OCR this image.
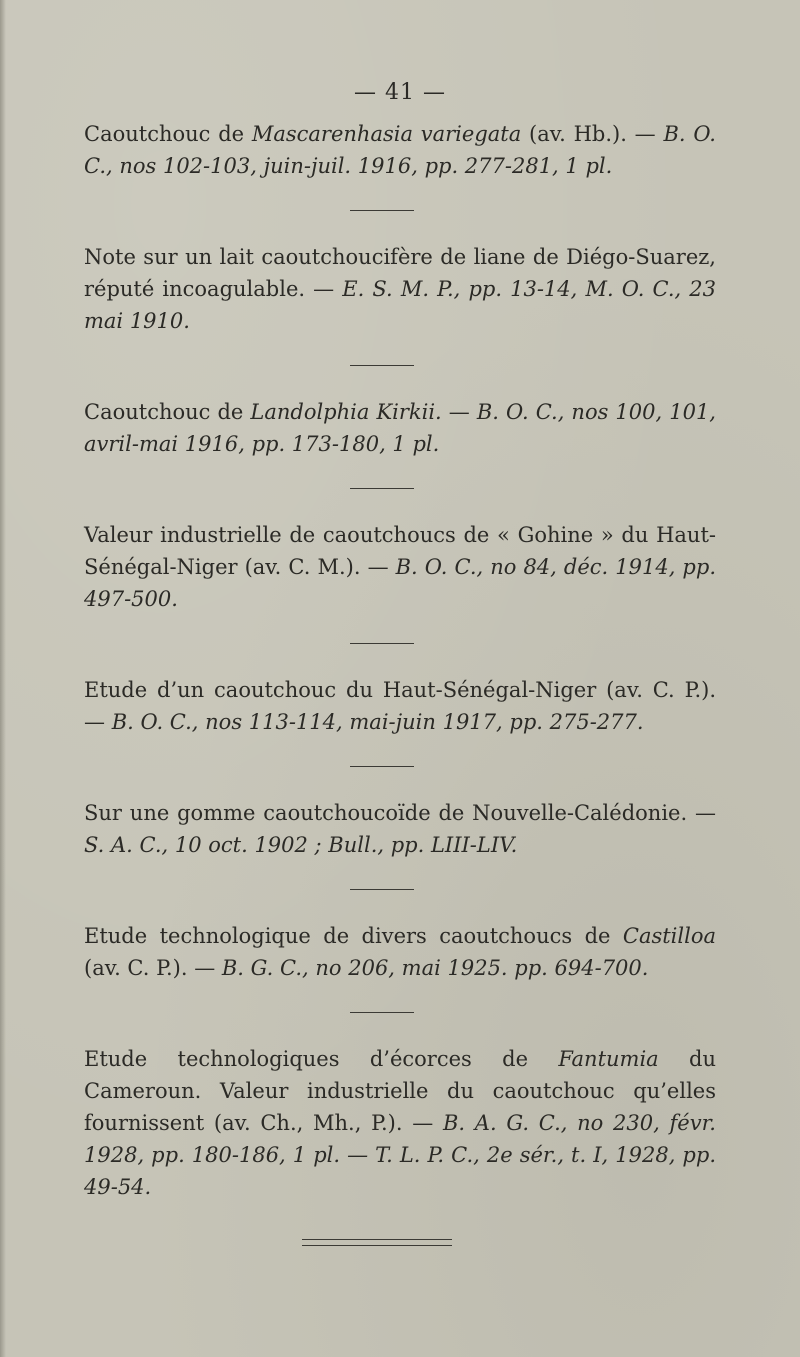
— 41 —

Caoutchouc de Mascarenhasia variegata (av. Hb.). — B. O. C., nos 102-103, juin-juil. 1916, pp. 277-281, 1 pl.

Note sur un lait caoutchoucifère de liane de Diégo-Suarez, réputé incoagulable. — E. S. M. P., pp. 13-14, M. O. C., 23 mai 1910.

Caoutchouc de Landolphia Kirkii. — B. O. C., nos 100, 101, avril-mai 1916, pp. 173-180, 1 pl.

Valeur industrielle de caoutchoucs de « Gohine » du Haut-Sénégal-Niger (av. C. M.). — B. O. C., no 84, déc. 1914, pp. 497-500.

Etude d’un caoutchouc du Haut-Sénégal-Niger (av. C. P.). — B. O. C., nos 113-114, mai-juin 1917, pp. 275-277.

Sur une gomme caoutchoucoïde de Nouvelle-Calédonie. — S. A. C., 10 oct. 1902 ; Bull., pp. LIII-LIV.

Etude technologique de divers caoutchoucs de Castilloa (av. C. P.). — B. G. C., no 206, mai 1925. pp. 694-700.

Etude technologiques d’écorces de Fantumia du Cameroun. Valeur industrielle du caoutchouc qu’elles fournissent (av. Ch., Mh., P.). — B. A. G. C., no 230, févr. 1928, pp. 180-186, 1 pl. — T. L. P. C., 2e sér., t. I, 1928, pp. 49-54.
